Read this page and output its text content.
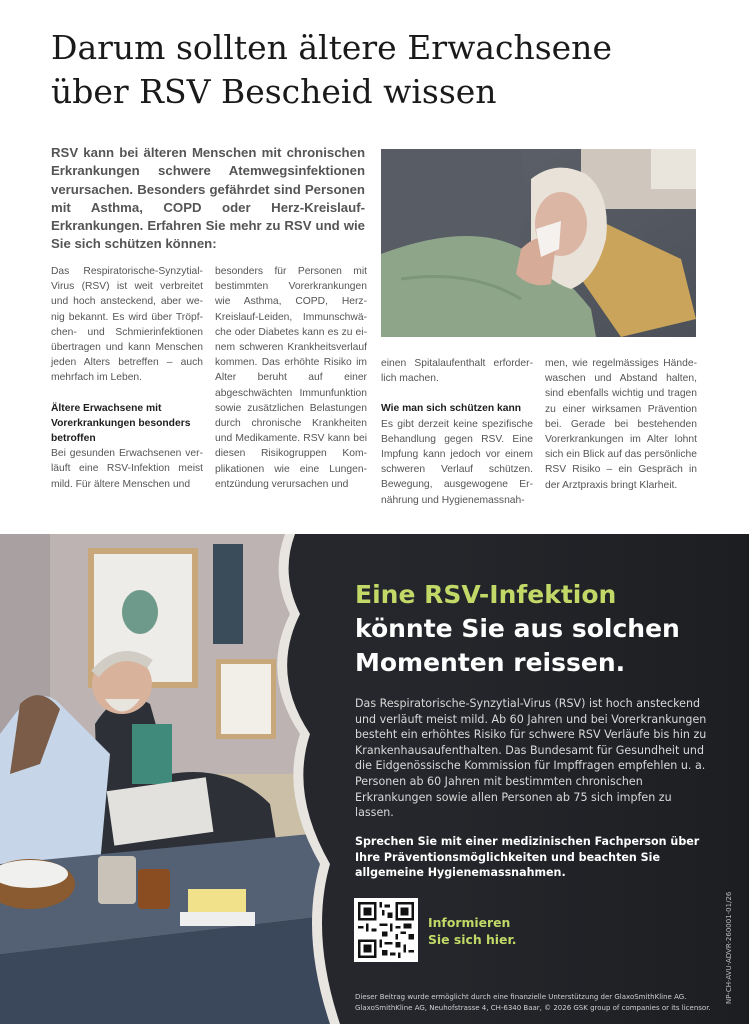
Darum sollten ältere Erwachsene
über RSV Bescheid wissen

RSV kann bei älteren Menschen mit chronischen Erkrankungen schwere Atemwegsinfektionen verursachen. Besonders gefährdet sind Personen mit Asthma, COPD oder Herz-Kreislauf-Erkrankungen. Erfahren Sie mehr zu RSV und wie Sie sich schützen können:

Das Respiratorische-Synzytial-Virus (RSV) ist weit verbreitet und hoch ansteckend, aber wenig bekannt. Es wird über Tröpfchen- und Schmierinfektionen übertragen und kann Menschen jeden Alters betreffen – auch mehrfach im Leben.

Ältere Erwachsene mit Vorerkrankungen besonders betroffen
Bei gesunden Erwachsenen verläuft eine RSV-Infektion meist mild. Für ältere Menschen und
besonders für Personen mit bestimmten Vorerkrankungen wie Asthma, COPD, Herz-Kreislauf-Leiden, Immunschwäche oder Diabetes kann es zu einem schweren Krankheitsverlauf kommen. Das erhöhte Risiko im Alter beruht auf einer abgeschwächten Immunfunktion sowie zusätzlichen Belastungen durch chronische Krankheiten und Medikamente. RSV kann bei diesen Risikogruppen Komplikationen wie eine Lungenentzündung verursachen und

einen Spitalaufenthalt erforderlich machen.

Wie man sich schützen kann
Es gibt derzeit keine spezifische Behandlung gegen RSV. Eine Impfung kann jedoch vor einem schweren Verlauf schützen. Bewegung, ausgewogene Ernährung und Hygienemassnah-
men, wie regelmässiges Händewaschen und Abstand halten, sind ebenfalls wichtig und tragen zu einer wirksamen Prävention bei. Gerade bei bestehenden Vorerkrankungen im Alter lohnt sich ein Blick auf das persönliche RSV Risiko – ein Gespräch in der Arztpraxis bringt Klarheit.
Eine RSV-Infektion
könnte Sie aus solchen
Momenten reissen.

Das Respiratorische-Synzytial-Virus (RSV) ist hoch ansteckend und verläuft meist mild. Ab 60 Jahren und bei Vorerkrankungen besteht ein erhöhtes Risiko für schwere RSV Verläufe bis hin zu Krankenhausaufenthalten. Das Bundesamt für Gesundheit und die Eidgenössische Kommission für Impffragen empfehlen u. a. Personen ab 60 Jahren mit bestimmten chronischen Erkrankungen sowie allen Personen ab 75 sich impfen zu lassen.

Sprechen Sie mit einer medizinischen Fachperson über Ihre Präventionsmöglichkeiten und beachten Sie allgemeine Hygienemassnahmen.

Informieren
Sie sich hier.
Dieser Beitrag wurde ermöglicht durch eine finanzielle Unterstützung der GlaxoSmithKline AG.
GlaxoSmithKline AG, Neuhofstrasse 4, CH-6340 Baar, © 2026 GSK group of companies or its licensor.
NP-CH-AVU-ADVR-260001-01/26
